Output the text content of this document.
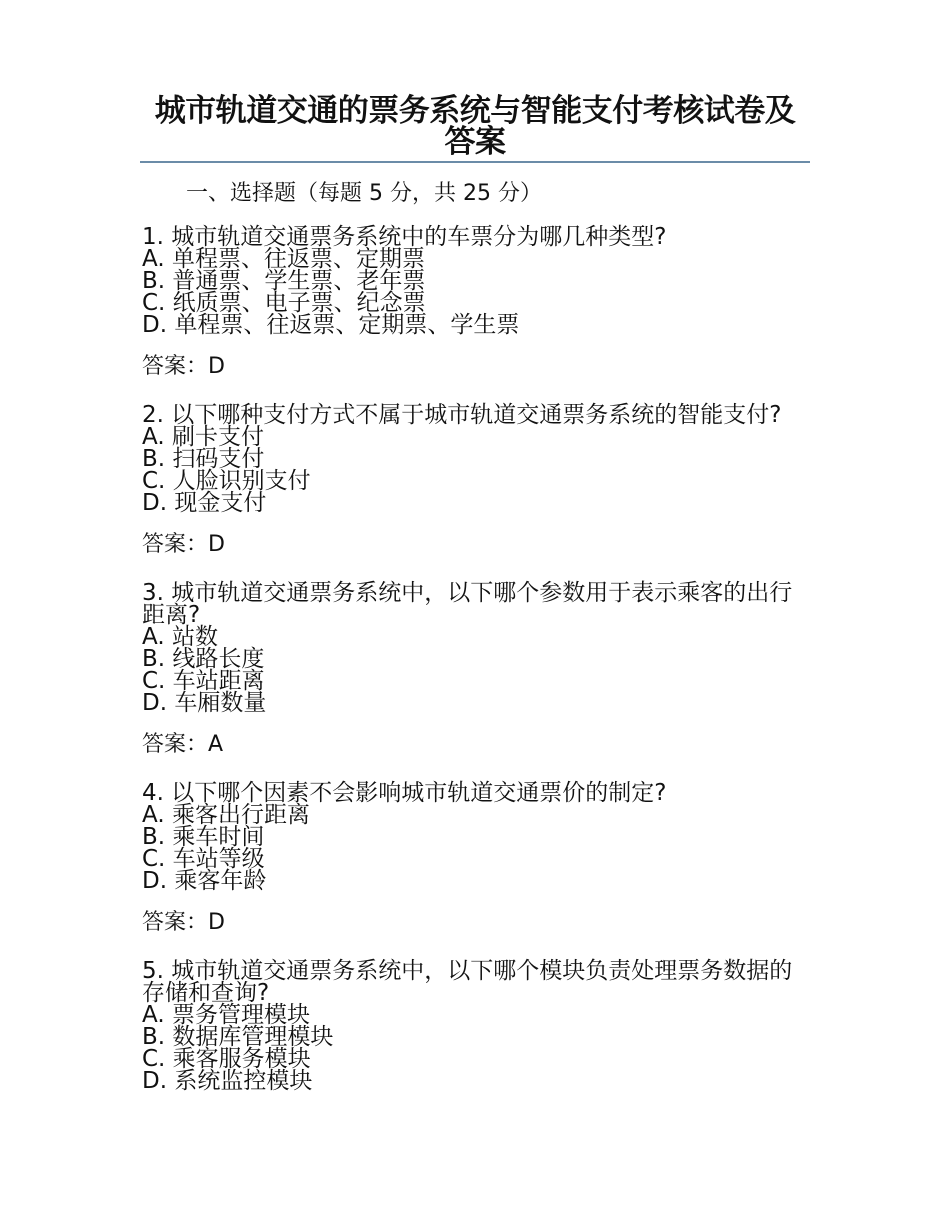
城市轨道交通的票务系统与智能支付考核试卷及答案
一、选择题（每题 5 分，共 25 分）

1. 城市轨道交通票务系统中的车票分为哪几种类型?

A. 单程票、往返票、定期票

B. 普通票、学生票、老年票

C. 纸质票、电子票、纪念票

D. 单程票、往返票、定期票、学生票

答案：D

2. 以下哪种支付方式不属于城市轨道交通票务系统的智能支付?

A. 刷卡支付

B. 扫码支付

C. 人脸识别支付

D. 现金支付

答案：D

3. 城市轨道交通票务系统中，以下哪个参数用于表示乘客的出行距离?

A. 站数

B. 线路长度

C. 车站距离

D. 车厢数量

答案：A

4. 以下哪个因素不会影响城市轨道交通票价的制定?

A. 乘客出行距离

B. 乘车时间

C. 车站等级

D. 乘客年龄

答案：D

5. 城市轨道交通票务系统中，以下哪个模块负责处理票务数据的存储和查询?

A. 票务管理模块

B. 数据库管理模块

C. 乘客服务模块

D. 系统监控模块
